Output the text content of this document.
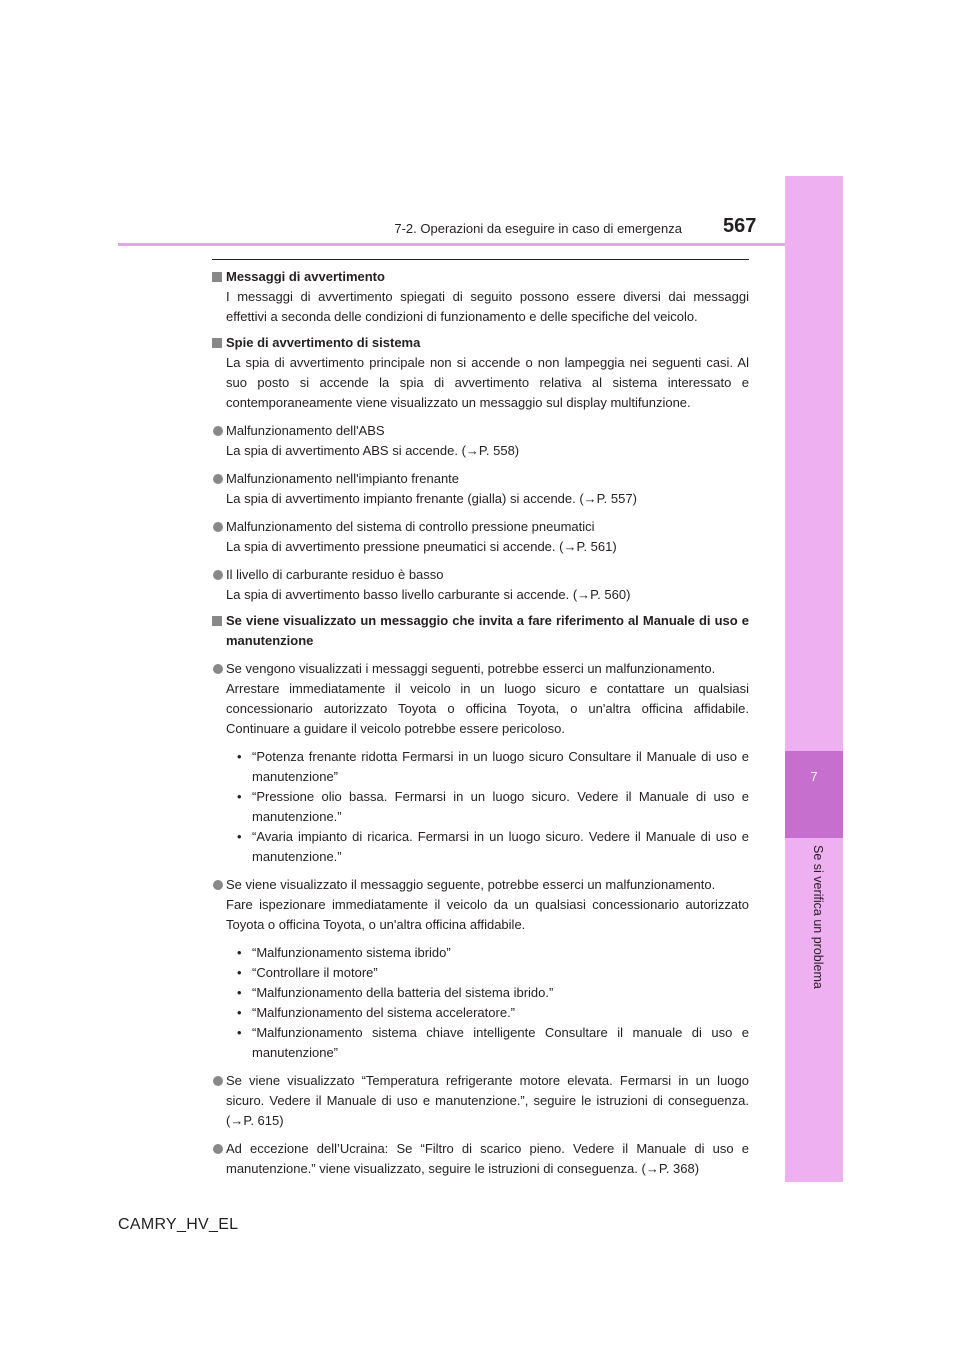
7
Se si verifica un problema
7-2. Operazioni da eseguire in caso di emergenza 567
Messaggi di avvertimento
I messaggi di avvertimento spiegati di seguito possono essere diversi dai messaggi effettivi a seconda delle condizioni di funzionamento e delle specifiche del veicolo.
Spie di avvertimento di sistema
La spia di avvertimento principale non si accende o non lampeggia nei seguenti casi. Al suo posto si accende la spia di avvertimento relativa al sistema interessato e contemporaneamente viene visualizzato un messaggio sul display multifunzione.
Malfunzionamento dell'ABS
La spia di avvertimento ABS si accende. (→P. 558)
Malfunzionamento nell'impianto frenante
La spia di avvertimento impianto frenante (gialla) si accende. (→P. 557)
Malfunzionamento del sistema di controllo pressione pneumatici
La spia di avvertimento pressione pneumatici si accende. (→P. 561)
Il livello di carburante residuo è basso
La spia di avvertimento basso livello carburante si accende. (→P. 560)
Se viene visualizzato un messaggio che invita a fare riferimento al Manuale di uso e manutenzione
Se vengono visualizzati i messaggi seguenti, potrebbe esserci un malfunzionamento.
Arrestare immediatamente il veicolo in un luogo sicuro e contattare un qualsiasi concessionario autorizzato Toyota o officina Toyota, o un'altra officina affidabile. Continuare a guidare il veicolo potrebbe essere pericoloso.
• “Potenza frenante ridotta Fermarsi in un luogo sicuro Consultare il Manuale di uso e manutenzione”
• “Pressione olio bassa. Fermarsi in un luogo sicuro. Vedere il Manuale di uso e manutenzione.”
• “Avaria impianto di ricarica. Fermarsi in un luogo sicuro. Vedere il Manuale di uso e manutenzione.”
Se viene visualizzato il messaggio seguente, potrebbe esserci un malfunzionamento.
Fare ispezionare immediatamente il veicolo da un qualsiasi concessionario autorizzato Toyota o officina Toyota, o un'altra officina affidabile.
• “Malfunzionamento sistema ibrido”
• “Controllare il motore”
• “Malfunzionamento della batteria del sistema ibrido.”
• “Malfunzionamento del sistema acceleratore.”
• “Malfunzionamento sistema chiave intelligente Consultare il manuale di uso e manutenzione”
Se viene visualizzato “Temperatura refrigerante motore elevata. Fermarsi in un luogo sicuro. Vedere il Manuale di uso e manutenzione.”, seguire le istruzioni di conseguenza. (→P. 615)
Ad eccezione dell’Ucraina: Se “Filtro di scarico pieno. Vedere il Manuale di uso e manutenzione.” viene visualizzato, seguire le istruzioni di conseguenza. (→P. 368)
CAMRY_HV_EL
